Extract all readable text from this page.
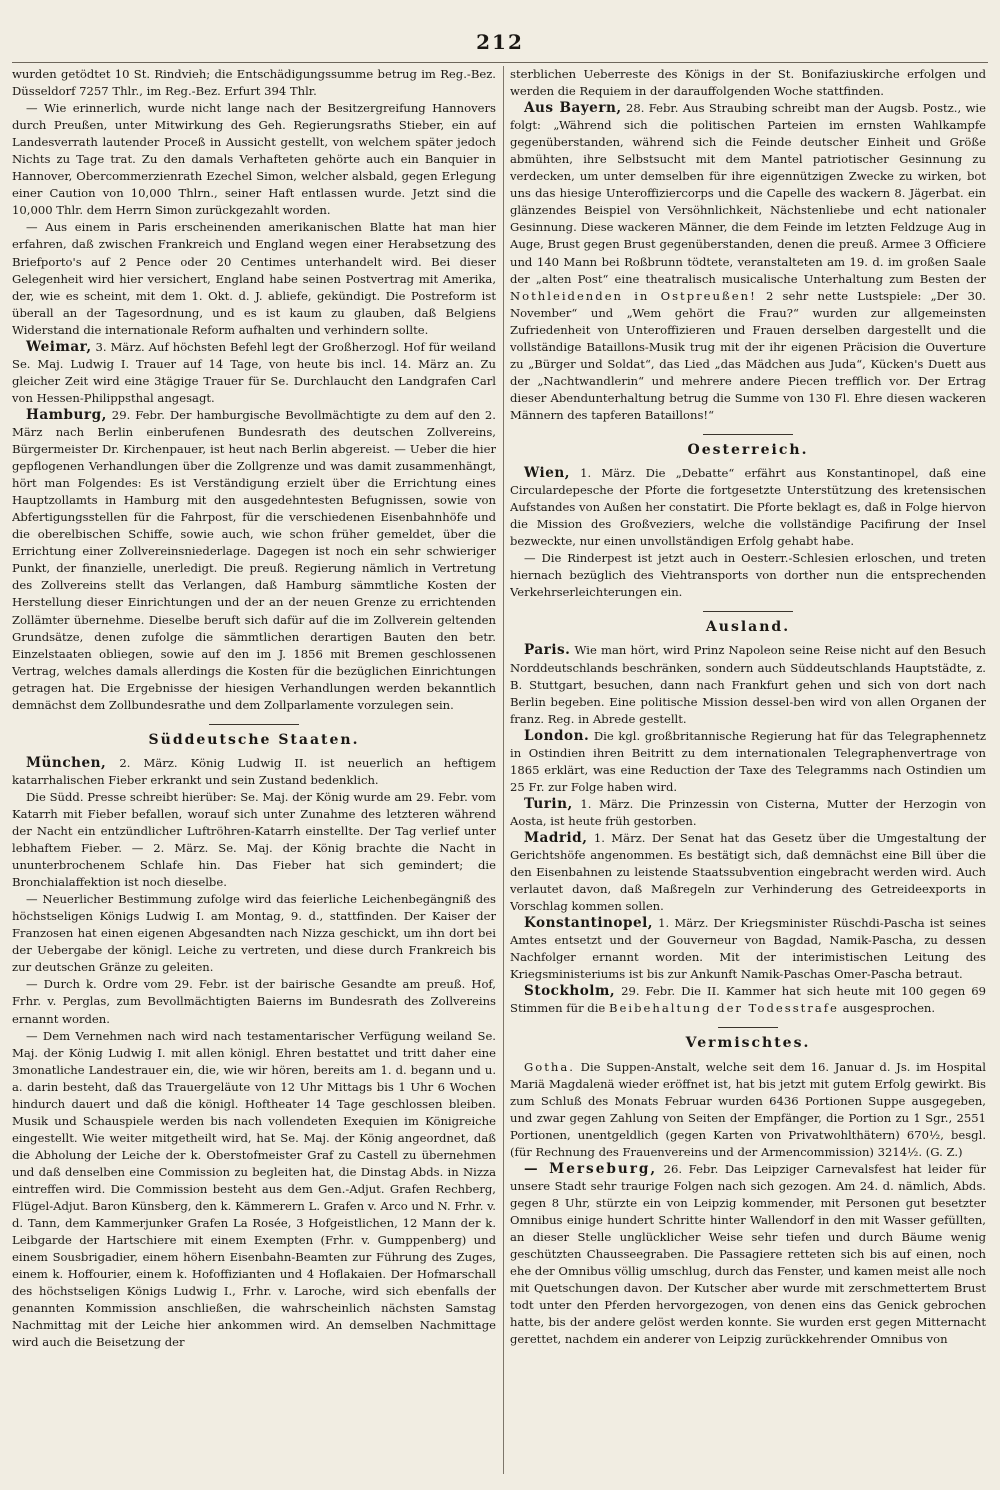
212

wurden getödtet 10 St. Rindvieh; die Entschädigungssumme betrug im Reg.-Bez. Düsseldorf 7257 Thlr., im Reg.-Bez. Erfurt 394 Thlr.

— Wie erinnerlich, wurde nicht lange nach der Besitzergreifung Hannovers durch Preußen, unter Mitwirkung des Geh. Regierungsraths Stieber, ein auf Landesverrath lautender Proceß in Aussicht gestellt, von welchem später jedoch Nichts zu Tage trat. Zu den damals Verhafteten gehörte auch ein Banquier in Hannover, Obercommerzienrath Ezechel Simon, welcher alsbald, gegen Erlegung einer Caution von 10,000 Thlrn., seiner Haft entlassen wurde. Jetzt sind die 10,000 Thlr. dem Herrn Simon zurückgezahlt worden.

— Aus einem in Paris erscheinenden amerikanischen Blatte hat man hier erfahren, daß zwischen Frankreich und England wegen einer Herabsetzung des Briefporto's auf 2 Pence oder 20 Centimes unterhandelt wird. Bei dieser Gelegenheit wird hier versichert, England habe seinen Postvertrag mit Amerika, der, wie es scheint, mit dem 1. Okt. d. J. abliefe, gekündigt. Die Postreform ist überall an der Tagesordnung, und es ist kaum zu glauben, daß Belgiens Widerstand die internationale Reform aufhalten und verhindern sollte.

Weimar, 3. März. Auf höchsten Befehl legt der Großherzogl. Hof für weiland Se. Maj. Ludwig I. Trauer auf 14 Tage, von heute bis incl. 14. März an. Zu gleicher Zeit wird eine 3tägige Trauer für Se. Durchlaucht den Landgrafen Carl von Hessen-Philippsthal angesagt.

Hamburg, 29. Febr. Der hamburgische Bevollmächtigte zu dem auf den 2. März nach Berlin einberufenen Bundesrath des deutschen Zollvereins, Bürgermeister Dr. Kirchenpauer, ist heut nach Berlin abgereist. — Ueber die hier gepflogenen Verhandlungen über die Zollgrenze und was damit zusammenhängt, hört man Folgendes: Es ist Verständigung erzielt über die Errichtung eines Hauptzollamts in Hamburg mit den ausgedehntesten Befugnissen, sowie von Abfertigungsstellen für die Fahrpost, für die verschiedenen Eisenbahnhöfe und die oberelbischen Schiffe, sowie auch, wie schon früher gemeldet, über die Errichtung einer Zollvereinsniederlage. Dagegen ist noch ein sehr schwieriger Punkt, der finanzielle, unerledigt. Die preuß. Regierung nämlich in Vertretung des Zollvereins stellt das Verlangen, daß Hamburg sämmtliche Kosten der Herstellung dieser Einrichtungen und der an der neuen Grenze zu errichtenden Zollämter übernehme. Dieselbe beruft sich dafür auf die im Zollverein geltenden Grundsätze, denen zufolge die sämmtlichen derartigen Bauten den betr. Einzelstaaten obliegen, sowie auf den im J. 1856 mit Bremen geschlossenen Vertrag, welches damals allerdings die Kosten für die bezüglichen Einrichtungen getragen hat. Die Ergebnisse der hiesigen Verhandlungen werden bekanntlich demnächst dem Zollbundesrathe und dem Zollparlamente vorzulegen sein.

Süddeutsche Staaten.

München, 2. März. König Ludwig II. ist neuerlich an heftigem katarrhalischen Fieber erkrankt und sein Zustand bedenklich.

Die Südd. Presse schreibt hierüber: Se. Maj. der König wurde am 29. Febr. vom Katarrh mit Fieber befallen, worauf sich unter Zunahme des letzteren während der Nacht ein entzündlicher Luftröhren-Katarrh einstellte. Der Tag verlief unter lebhaftem Fieber. — 2. März. Se. Maj. der König brachte die Nacht in ununterbrochenem Schlafe hin. Das Fieber hat sich gemindert; die Bronchialaffektion ist noch dieselbe.

— Neuerlicher Bestimmung zufolge wird das feierliche Leichenbegängniß des höchstseligen Königs Ludwig I. am Montag, 9. d., stattfinden. Der Kaiser der Franzosen hat einen eigenen Abgesandten nach Nizza geschickt, um ihn dort bei der Uebergabe der königl. Leiche zu vertreten, und diese durch Frankreich bis zur deutschen Gränze zu geleiten.

— Durch k. Ordre vom 29. Febr. ist der bairische Gesandte am preuß. Hof, Frhr. v. Perglas, zum Bevollmächtigten Baierns im Bundesrath des Zollvereins ernannt worden.

— Dem Vernehmen nach wird nach testamentarischer Verfügung weiland Se. Maj. der König Ludwig I. mit allen königl. Ehren bestattet und tritt daher eine 3monatliche Landestrauer ein, die, wie wir hören, bereits am 1. d. begann und u. a. darin besteht, daß das Trauergeläute von 12 Uhr Mittags bis 1 Uhr 6 Wochen hindurch dauert und daß die königl. Hoftheater 14 Tage geschlossen bleiben. Musik und Schauspiele werden bis nach vollendeten Exequien im Königreiche eingestellt. Wie weiter mitgetheilt wird, hat Se. Maj. der König angeordnet, daß die Abholung der Leiche der k. Oberstofmeister Graf zu Castell zu übernehmen und daß denselben eine Commission zu begleiten hat, die Dinstag Abds. in Nizza eintreffen wird. Die Commission besteht aus dem Gen.-Adjut. Grafen Rechberg, Flügel-Adjut. Baron Künsberg, den k. Kämmerern L. Grafen v. Arco und N. Frhr. v. d. Tann, dem Kammerjunker Grafen La Rosée, 3 Hofgeistlichen, 12 Mann der k. Leibgarde der Hartschiere mit einem Exempten (Frhr. v. Gumppenberg) und einem Sousbrigadier, einem höhern Eisenbahn-Beamten zur Führung des Zuges, einem k. Hoffourier, einem k. Hofoffizianten und 4 Hoflakaien. Der Hofmarschall des höchstseligen Königs Ludwig I., Frhr. v. Laroche, wird sich ebenfalls der genannten Kommission anschließen, die wahrscheinlich nächsten Samstag Nachmittag mit der Leiche hier ankommen wird. An demselben Nachmittage wird auch die Beisetzung der

sterblichen Ueberreste des Königs in der St. Bonifaziuskirche erfolgen und werden die Requiem in der darauffolgenden Woche stattfinden.

Aus Bayern, 28. Febr. Aus Straubing schreibt man der Augsb. Postz., wie folgt: „Während sich die politischen Parteien im ernsten Wahlkampfe gegenüberstanden, während sich die Feinde deutscher Einheit und Größe abmühten, ihre Selbstsucht mit dem Mantel patriotischer Gesinnung zu verdecken, um unter demselben für ihre eigennützigen Zwecke zu wirken, bot uns das hiesige Unteroffiziercorps und die Capelle des wackern 8. Jägerbat. ein glänzendes Beispiel von Versöhnlichkeit, Nächstenliebe und echt nationaler Gesinnung. Diese wackeren Männer, die dem Feinde im letzten Feldzuge Aug in Auge, Brust gegen Brust gegenüberstanden, denen die preuß. Armee 3 Officiere und 140 Mann bei Roßbrunn tödtete, veranstalteten am 19. d. im großen Saale der „alten Post“ eine theatralisch musicalische Unterhaltung zum Besten der Nothleidenden in Ostpreußen! 2 sehr nette Lustspiele: „Der 30. November“ und „Wem gehört die Frau?“ wurden zur allgemeinsten Zufriedenheit von Unteroffizieren und Frauen derselben dargestellt und die vollständige Bataillons-Musik trug mit der ihr eigenen Präcision die Ouverture zu „Bürger und Soldat“, das Lied „das Mädchen aus Juda“, Kücken's Duett aus der „Nachtwandlerin“ und mehrere andere Piecen trefflich vor. Der Ertrag dieser Abendunterhaltung betrug die Summe von 130 Fl. Ehre diesen wackeren Männern des tapferen Bataillons!“

Oesterreich.

Wien, 1. März. Die „Debatte“ erfährt aus Konstantinopel, daß eine Circulardepesche der Pforte die fortgesetzte Unterstützung des kretensischen Aufstandes von Außen her constatirt. Die Pforte beklagt es, daß in Folge hiervon die Mission des Großveziers, welche die vollständige Pacifirung der Insel bezweckte, nur einen unvollständigen Erfolg gehabt habe.

— Die Rinderpest ist jetzt auch in Oesterr.-Schlesien erloschen, und treten hiernach bezüglich des Viehtransports von dorther nun die entsprechenden Verkehrserleichterungen ein.

Ausland.

Paris. Wie man hört, wird Prinz Napoleon seine Reise nicht auf den Besuch Norddeutschlands beschränken, sondern auch Süddeutschlands Hauptstädte, z. B. Stuttgart, besuchen, dann nach Frankfurt gehen und sich von dort nach Berlin begeben. Eine politische Mission dessel-ben wird von allen Organen der franz. Reg. in Abrede gestellt.

London. Die kgl. großbritannische Regierung hat für das Telegraphennetz in Ostindien ihren Beitritt zu dem internationalen Telegraphenvertrage von 1865 erklärt, was eine Reduction der Taxe des Telegramms nach Ostindien um 25 Fr. zur Folge haben wird.

Turin, 1. März. Die Prinzessin von Cisterna, Mutter der Herzogin von Aosta, ist heute früh gestorben.

Madrid, 1. März. Der Senat hat das Gesetz über die Umgestaltung der Gerichtshöfe angenommen. Es bestätigt sich, daß demnächst eine Bill über die den Eisenbahnen zu leistende Staatssubvention eingebracht werden wird. Auch verlautet davon, daß Maßregeln zur Verhinderung des Getreideexports in Vorschlag kommen sollen.

Konstantinopel, 1. März. Der Kriegsminister Rüschdi-Pascha ist seines Amtes entsetzt und der Gouverneur von Bagdad, Namik-Pascha, zu dessen Nachfolger ernannt worden. Mit der interimistischen Leitung des Kriegsministeriums ist bis zur Ankunft Namik-Paschas Omer-Pascha betraut.

Stockholm, 29. Febr. Die II. Kammer hat sich heute mit 100 gegen 69 Stimmen für die Beibehaltung der Todesstrafe ausgesprochen.

Vermischtes.

Gotha. Die Suppen-Anstalt, welche seit dem 16. Januar d. Js. im Hospital Mariä Magdalenä wieder eröffnet ist, hat bis jetzt mit gutem Erfolg gewirkt. Bis zum Schluß des Monats Februar wurden 6436 Portionen Suppe ausgegeben, und zwar gegen Zahlung von Seiten der Empfänger, die Portion zu 1 Sgr., 2551 Portionen, unentgeldlich (gegen Karten von Privatwohlthätern) 670½, besgl. (für Rechnung des Frauenvereins und der Armencommission) 3214½. (G. Z.)

— Merseburg, 26. Febr. Das Leipziger Carnevalsfest hat leider für unsere Stadt sehr traurige Folgen nach sich gezogen. Am 24. d. nämlich, Abds. gegen 8 Uhr, stürzte ein von Leipzig kommender, mit Personen gut besetzter Omnibus einige hundert Schritte hinter Wallendorf in den mit Wasser gefüllten, an dieser Stelle unglücklicher Weise sehr tiefen und durch Bäume wenig geschützten Chausseegraben. Die Passagiere retteten sich bis auf einen, noch ehe der Omnibus völlig umschlug, durch das Fenster, und kamen meist alle noch mit Quetschungen davon. Der Kutscher aber wurde mit zerschmettertem Brust todt unter den Pferden hervorgezogen, von denen eins das Genick gebrochen hatte, bis der andere gelöst werden konnte. Sie wurden erst gegen Mitternacht gerettet, nachdem ein anderer von Leipzig zurückkehrender Omnibus von
